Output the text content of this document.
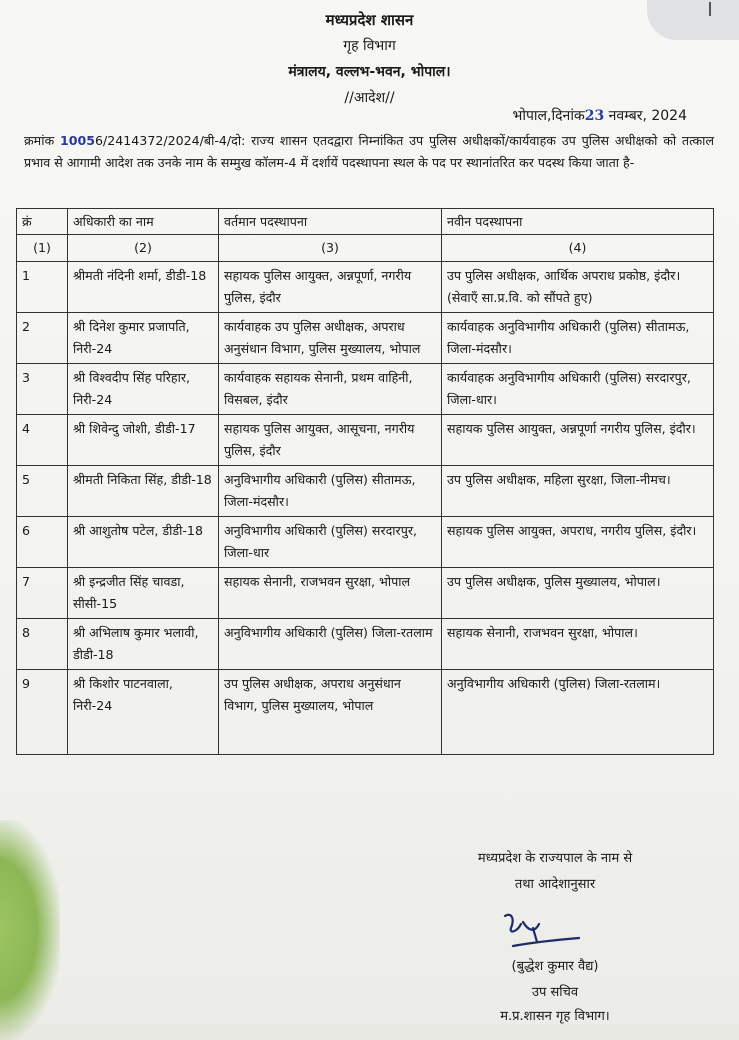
मध्यप्रदेश शासन
गृह विभाग
मंत्रालय, वल्लभ-भवन, भोपाल।
//आदेश//
भोपाल,दिनांक23 नवम्बर, 2024
क्रमांक 10056/2414372/2024/बी-4/दो: राज्य शासन एतदद्वारा निम्नांकित उप पुलिस अधीक्षकों/कार्यवाहक उप पुलिस अधीक्षको को तत्काल प्रभाव से आगामी आदेश तक उनके नाम के सम्मुख कॉलम-4 में दर्शायें पदस्थापना स्थल के पद पर स्थानांतरित कर पदस्थ किया जाता है-
क्रं	अधिकारी का नाम	वर्तमान पदस्थापना	नवीन पदस्थापना
(1)	(2)	(3)	(4)
1	श्रीमती नंदिनी शर्मा, डीडी-18	सहायक पुलिस आयुक्त, अन्नपूर्णा, नगरीय पुलिस, इंदौर	उप पुलिस अधीक्षक, आर्थिक अपराध प्रकोष्ठ, इंदौर। (सेवाएँ सा.प्र.वि. को सौंपते हुए)
2	श्री दिनेश कुमार प्रजापति, निरी-24	कार्यवाहक उप पुलिस अधीक्षक, अपराध अनुसंधान विभाग, पुलिस मुख्यालय, भोपाल	कार्यवाहक अनुविभागीय अधिकारी (पुलिस) सीतामऊ, जिला-मंदसौर।
3	श्री विश्वदीप सिंह परिहार, निरी-24	कार्यवाहक सहायक सेनानी, प्रथम वाहिनी, विसबल, इंदौर	कार्यवाहक अनुविभागीय अधिकारी (पुलिस) सरदारपुर, जिला-धार।
4	श्री शिवेन्दु जोशी, डीडी-17	सहायक पुलिस आयुक्त, आसूचना, नगरीय पुलिस, इंदौर	सहायक पुलिस आयुक्त, अन्नपूर्णा नगरीय पुलिस, इंदौर।
5	श्रीमती निकिता सिंह, डीडी-18	अनुविभागीय अधिकारी (पुलिस) सीतामऊ, जिला-मंदसौर।	उप पुलिस अधीक्षक, महिला सुरक्षा, जिला-नीमच।
6	श्री आशुतोष पटेल, डीडी-18	अनुविभागीय अधिकारी (पुलिस) सरदारपुर, जिला-धार	सहायक पुलिस आयुक्त, अपराध, नगरीय पुलिस, इंदौर।
7	श्री इन्द्रजीत सिंह चावडा, सीसी-15	सहायक सेनानी, राजभवन सुरक्षा, भोपाल	उप पुलिस अधीक्षक, पुलिस मुख्यालय, भोपाल।
8	श्री अभिलाष कुमार भलावी, डीडी-18	अनुविभागीय अधिकारी (पुलिस) जिला-रतलाम	सहायक सेनानी, राजभवन सुरक्षा, भोपाल।
9	श्री किशोर पाटनवाला, निरी-24	उप पुलिस अधीक्षक, अपराध अनुसंधान विभाग, पुलिस मुख्यालय, भोपाल	अनुविभागीय अधिकारी (पुलिस) जिला-रतलाम।
मध्यप्रदेश के राज्यपाल के नाम से
तथा आदेशानुसार
(बुद्धेश कुमार वैद्य)
उप सचिव
म.प्र.शासन गृह विभाग।
